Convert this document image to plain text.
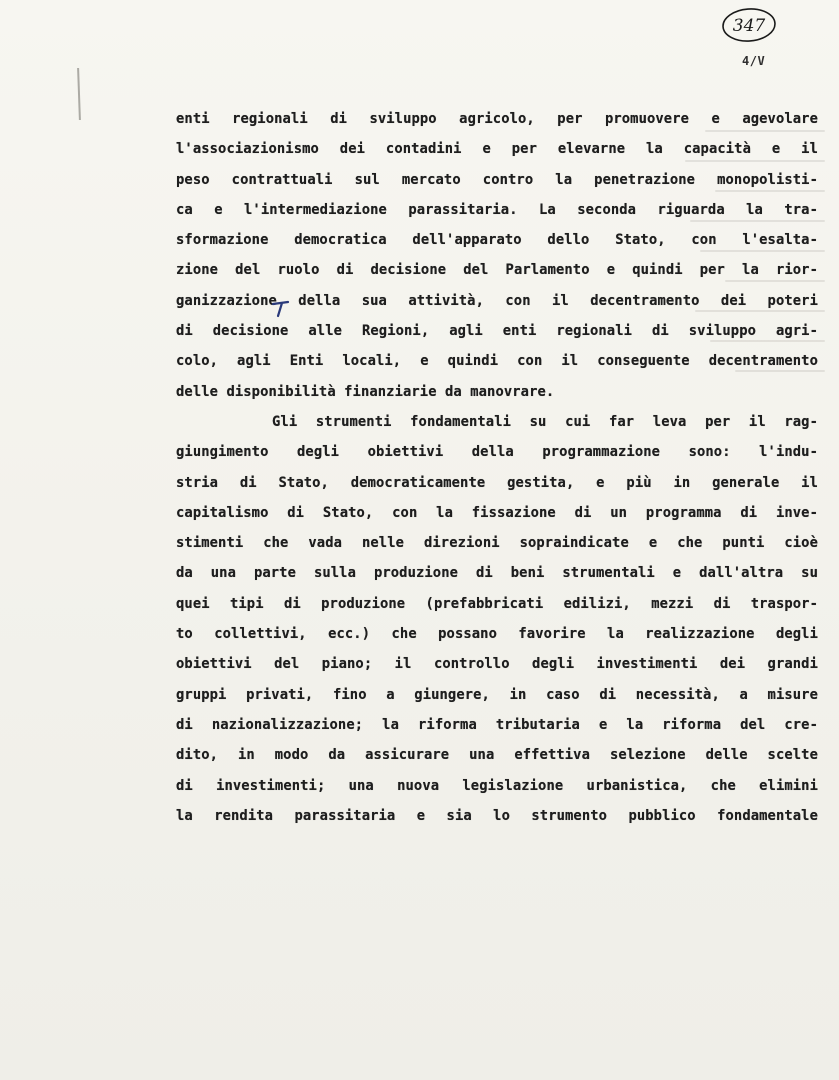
347
4/V
enti regionali di sviluppo agricolo, per promuovere e agevolare
l'associazionismo dei contadini e per elevarne la capacità e il
peso contrattuali sul mercato contro la penetrazione monopolisti-
ca e l'intermediazione parassitaria. La seconda riguarda la tra-
sformazione democratica dell'apparato dello Stato, con l'esalta-
zione del ruolo di decisione del Parlamento e quindi per la rior-
ganizzazione della sua attività, con il decentramento dei poteri
di decisione alle Regioni, agli enti regionali di sviluppo agri-
colo, agli Enti locali, e quindi con il conseguente decentramento
delle disponibilità finanziarie da manovrare.
Gli strumenti fondamentali su cui far leva per il rag-
giungimento degli obiettivi della programmazione sono: l'indu-
stria di Stato, democraticamente gestita, e più in generale il
capitalismo di Stato, con la fissazione di un programma di inve-
stimenti che vada nelle direzioni sopraindicate e che punti cioè
da una parte sulla produzione di beni strumentali e dall'altra su
quei tipi di produzione (prefabbricati edilizi, mezzi di traspor-
to collettivi, ecc.) che possano favorire la realizzazione degli
obiettivi del piano; il controllo degli investimenti dei grandi
gruppi privati, fino a giungere, in caso di necessità, a misure
di nazionalizzazione; la riforma tributaria e la riforma del cre-
dito, in modo da assicurare una effettiva selezione delle scelte
di investimenti; una nuova legislazione urbanistica, che elimini
la rendita parassitaria e sia lo strumento pubblico fondamentale
